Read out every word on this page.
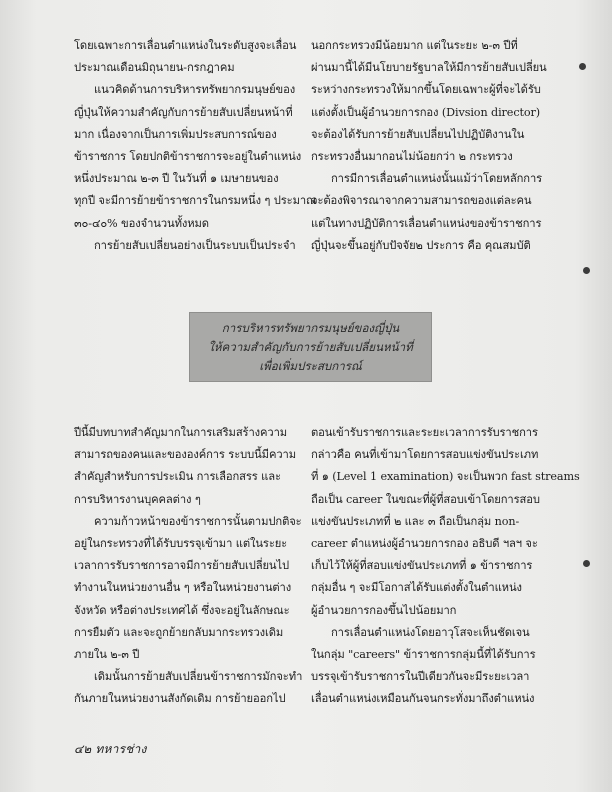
โดยเฉพาะการเลื่อนตำแหน่งในระดับสูงจะเลื่อน
ประมาณเดือนมิถุนายน-กรกฎาคม
แนวคิดด้านการบริหารทรัพยากรมนุษย์ของ
ญี่ปุ่นให้ความสำคัญกับการย้ายสับเปลี่ยนหน้าที่
มาก เนื่องจากเป็นการเพิ่มประสบการณ์ของ
ข้าราชการ โดยปกติข้าราชการจะอยู่ในตำแหน่ง
หนึ่งประมาณ ๒-๓ ปี ในวันที่ ๑ เมษายนของ
ทุกปี จะมีการย้ายข้าราชการในกรมหนึ่ง ๆ ประมาณ
๓๐-๔๐% ของจำนวนทั้งหมด
การย้ายสับเปลี่ยนอย่างเป็นระบบเป็นประจำ
นอกกระทรวงมีน้อยมาก แต่ในระยะ ๒-๓ ปีที่
ผ่านมานี้ได้มีนโยบายรัฐบาลให้มีการย้ายสับเปลี่ยน
ระหว่างกระทรวงให้มากขึ้นโดยเฉพาะผู้ที่จะได้รับ
แต่งตั้งเป็นผู้อำนวยการกอง (Divsion director)
จะต้องได้รับการย้ายสับเปลี่ยนไปปฏิบัติงานใน
กระทรวงอื่นมากอนไม่น้อยกว่า ๒ กระทรวง
การมีการเลื่อนตำแหน่งนั้นแม้ว่าโดยหลักการ
จะต้องพิจารณาจากความสามารถของแต่ละคน
แต่ในทางปฏิบัติการเลื่อนตำแหน่งของข้าราชการ
ญี่ปุ่นจะขึ้นอยู่กับปัจจัย๒ ประการ คือ คุณสมบัติ
การบริหารทรัพยากรมนุษย์ของญี่ปุ่น
ให้ความสำคัญกับการย้ายสับเปลี่ยนหน้าที่
เพื่อเพิ่มประสบการณ์
ปีนี้มีบทบาทสำคัญมากในการเสริมสร้างความ
สามารถของคนและขององค์การ ระบบนี้มีความ
สำคัญสำหรับการประเมิน การเลือกสรร และ
การบริหารงานบุคคลต่าง ๆ
ความก้าวหน้าของข้าราชการนั้นตามปกติจะ
อยู่ในกระทรวงที่ได้รับบรรจุเข้ามา แต่ในระยะ
เวลาการรับราชการอาจมีการย้ายสับเปลี่ยนไป
ทำงานในหน่วยงานอื่น ๆ หรือในหน่วยงานต่าง
จังหวัด หรือต่างประเทศได้ ซึ่งจะอยู่ในลักษณะ
การยืมตัว และจะถูกย้ายกลับมากระทรวงเดิม
ภายใน ๒-๓ ปี
เดิมนั้นการย้ายสับเปลี่ยนข้าราชการมักจะทำ
กันภายในหน่วยงานสังกัดเดิม การย้ายออกไป
ตอนเข้ารับราชการและระยะเวลาการรับราชการ
กล่าวคือ คนที่เข้ามาโดยการสอบแข่งขันประเภท
ที่ ๑ (Level 1 examination) จะเป็นพวก fast streams
ถือเป็น career ในขณะที่ผู้ที่สอบเข้าโดยการสอบ
แข่งขันประเภทที่ ๒ และ ๓ ถือเป็นกลุ่ม non-
career ตำแหน่งผู้อำนวยการกอง อธิบดี ฯลฯ จะ
เก็บไว้ให้ผู้ที่สอบแข่งขันประเภทที่ ๑ ข้าราชการ
กลุ่มอื่น ๆ จะมีโอกาสได้รับแต่งตั้งในตำแหน่ง
ผู้อำนวยการกองขึ้นไปน้อยมาก
การเลื่อนตำแหน่งโดยอาวุโสจะเห็นชัดเจน
ในกลุ่ม "careers" ข้าราชการกลุ่มนี้ที่ได้รับการ
บรรจุเข้ารับราชการในปีเดียวกันจะมีระยะเวลา
เลื่อนตำแหน่งเหมือนกันจนกระทั่งมาถึงตำแหน่ง
๔๒ ทหารช่าง
